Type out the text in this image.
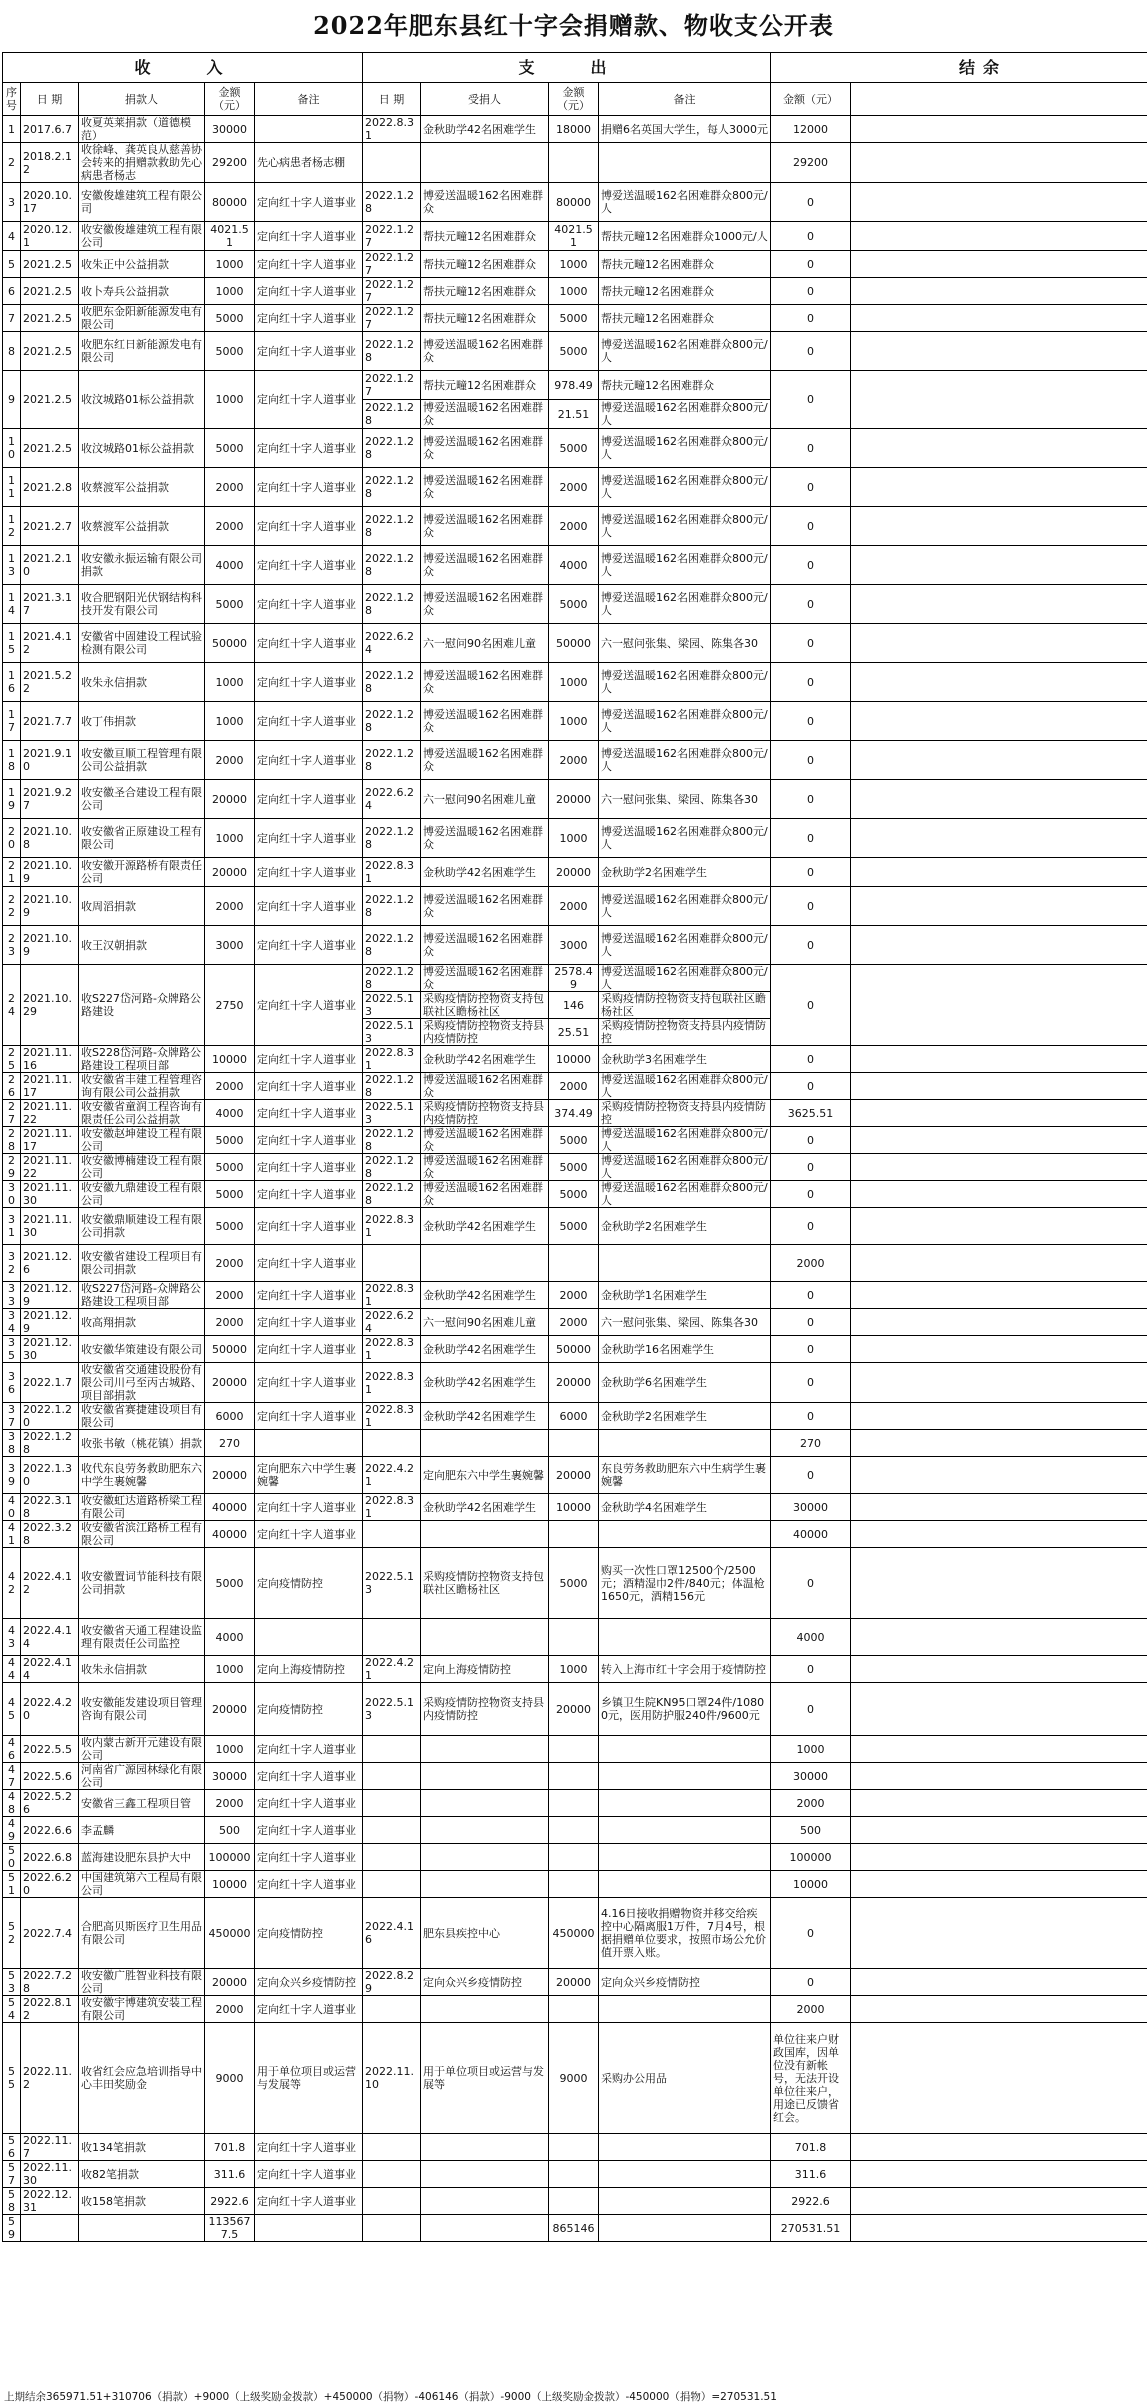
2022年肥东县红十字会捐赠款、物收支公开表
收　　入					支　　出				结余	
序号	日 期	捐款人	金额（元）	备注	日 期	受捐人	金额（元）	备注	金额（元）	
1	2017.6.7	收夏英莱捐款（道德模范）	30000		2022.8.31	金秋助学42名困难学生	18000	捐赠6名英国大学生，每人3000元	12000	
2	2018.2.12	收徐峰、龚英良从慈善协会转来的捐赠款救助先心病患者杨志	29200	先心病患者杨志棚					29200	
3	2020.10.17	安徽俊雄建筑工程有限公司	80000	定向红十字人道事业	2022.1.28	博爱送温暖162名困难群众	80000	博爱送温暖162名困难群众800元/人	0	
4	2020.12.1	收安徽俊雄建筑工程有限公司	4021.51	定向红十字人道事业	2022.1.27	帮扶元疃12名困难群众	4021.51	帮扶元疃12名困难群众1000元/人	0	
5	2021.2.5	收朱正中公益捐款	1000	定向红十字人道事业	2022.1.27	帮扶元疃12名困难群众	1000	帮扶元疃12名困难群众	0	
6	2021.2.5	收卜寿兵公益捐款	1000	定向红十字人道事业	2022.1.27	帮扶元疃12名困难群众	1000	帮扶元疃12名困难群众	0	
7	2021.2.5	收肥东金阳新能源发电有限公司	5000	定向红十字人道事业	2022.1.27	帮扶元疃12名困难群众	5000	帮扶元疃12名困难群众	0	
8	2021.2.5	收肥东红日新能源发电有限公司	5000	定向红十字人道事业	2022.1.28	博爱送温暖162名困难群众	5000	博爱送温暖162名困难群众800元/人	0	
9	2021.2.5	收汶城路01标公益捐款	1000	定向红十字人道事业	2022.1.27	帮扶元疃12名困难群众	978.49	帮扶元疃12名困难群众	0	
					2022.1.28	博爱送温暖162名困难群众	21.51	博爱送温暖162名困难群众800元/人		
10	2021.2.5	收汶城路01标公益捐款	5000	定向红十字人道事业	2022.1.28	博爱送温暖162名困难群众	5000	博爱送温暖162名困难群众800元/人	0	
11	2021.2.8	收蔡渡军公益捐款	2000	定向红十字人道事业	2022.1.28	博爱送温暖162名困难群众	2000	博爱送温暖162名困难群众800元/人	0	
12	2021.2.7	收蔡渡军公益捐款	2000	定向红十字人道事业	2022.1.28	博爱送温暖162名困难群众	2000	博爱送温暖162名困难群众800元/人	0	
13	2021.2.10	收安徽永振运输有限公司捐款	4000	定向红十字人道事业	2022.1.28	博爱送温暖162名困难群众	4000	博爱送温暖162名困难群众800元/人	0	
14	2021.3.17	收合肥钢阳光伏钢结构科技开发有限公司	5000	定向红十字人道事业	2022.1.28	博爱送温暖162名困难群众	5000	博爱送温暖162名困难群众800元/人	0	
15	2021.4.12	安徽省中固建设工程试验检测有限公司	50000	定向红十字人道事业	2022.6.24	六一慰问90名困难儿童	50000	六一慰问张集、梁园、陈集各30	0	
16	2021.5.22	收朱永信捐款	1000	定向红十字人道事业	2022.1.28	博爱送温暖162名困难群众	1000	博爱送温暖162名困难群众800元/人	0	
17	2021.7.7	收丁伟捐款	1000	定向红十字人道事业	2022.1.28	博爱送温暖162名困难群众	1000	博爱送温暖162名困难群众800元/人	0	
18	2021.9.10	收安徽亘顺工程管理有限公司公益捐款	2000	定向红十字人道事业	2022.1.28	博爱送温暖162名困难群众	2000	博爱送温暖162名困难群众800元/人	0	
19	2021.9.27	收安徽圣合建设工程有限公司	20000	定向红十字人道事业	2022.6.24	六一慰问90名困难儿童	20000	六一慰问张集、梁园、陈集各30	0	
20	2021.10.8	收安徽省正原建设工程有限公司	1000	定向红十字人道事业	2022.1.28	博爱送温暖162名困难群众	1000	博爱送温暖162名困难群众800元/人	0	
21	2021.10.9	收安徽开源路桥有限责任公司	20000	定向红十字人道事业	2022.8.31	金秋助学42名困难学生	20000	金秋助学2名困难学生	0	
22	2021.10.9	收周滔捐款	2000	定向红十字人道事业	2022.1.28	博爱送温暖162名困难群众	2000	博爱送温暖162名困难群众800元/人	0	
23	2021.10.9	收王汉朝捐款	3000	定向红十字人道事业	2022.1.28	博爱送温暖162名困难群众	3000	博爱送温暖162名困难群众800元/人	0	
24	2021.10.29	收S227岱河路-众牌路公路建设	2750	定向红十字人道事业	2022.1.28	博爱送温暖162名困难群众	2578.49	博爱送温暖162名困难群众800元/人	0	
					2022.5.13	采购疫情防控物资支持包联社区瞻杨社区	146	采购疫情防控物资支持包联社区瞻杨社区		
					2022.5.13	采购疫情防控物资支持县内疫情防控	25.51	采购疫情防控物资支持县内疫情防控		
25	2021.11.16	收S228岱河路-众牌路公路建设工程项目部	10000	定向红十字人道事业	2022.8.31	金秋助学42名困难学生	10000	金秋助学3名困难学生	0	
26	2021.11.17	收安徽省丰建工程管理咨询有限公司公益捐款	2000	定向红十字人道事业	2022.1.28	博爱送温暖162名困难群众	2000	博爱送温暖162名困难群众800元/人	0	
27	2021.11.22	收安徽省童润工程咨询有限责任公司公益捐款	4000	定向红十字人道事业	2022.5.13	采购疫情防控物资支持县内疫情防控	374.49	采购疫情防控物资支持县内疫情防控	3625.51	
28	2021.11.17	收安徽赵坤建设工程有限公司	5000	定向红十字人道事业	2022.1.28	博爱送温暖162名困难群众	5000	博爱送温暖162名困难群众800元/人	0	
29	2021.11.22	收安徽博楠建设工程有限公司	5000	定向红十字人道事业	2022.1.28	博爱送温暖162名困难群众	5000	博爱送温暖162名困难群众800元/人	0	
30	2021.11.30	收安徽九鼎建设工程有限公司	5000	定向红十字人道事业	2022.1.28	博爱送温暖162名困难群众	5000	博爱送温暖162名困难群众800元/人	0	
31	2021.11.30	收安徽鼎顺建设工程有限公司捐款	5000	定向红十字人道事业	2022.8.31	金秋助学42名困难学生	5000	金秋助学2名困难学生	0	
32	2021.12.6	收安徽省建设工程项目有限公司捐款	2000	定向红十字人道事业					2000	
33	2021.12.9	收S227岱河路-众牌路公路建设工程项目部	2000	定向红十字人道事业	2022.8.31	金秋助学42名困难学生	2000	金秋助学1名困难学生	0	
34	2021.12.9	收高翔捐款	2000	定向红十字人道事业	2022.6.24	六一慰问90名困难儿童	2000	六一慰问张集、梁园、陈集各30	0	
35	2021.12.30	收安徽华策建设有限公司	50000	定向红十字人道事业	2022.8.31	金秋助学42名困难学生	50000	金秋助学16名困难学生	0	
36	2022.1.7	收安徽省交通建设股份有限公司川弓至丙古城路、项目部捐款	20000	定向红十字人道事业	2022.8.31	金秋助学42名困难学生	20000	金秋助学6名困难学生	0	
37	2022.1.20	收安徽省赛捷建设项目有限公司	6000	定向红十字人道事业	2022.8.31	金秋助学42名困难学生	6000	金秋助学2名困难学生	0	
38	2022.1.28	收张书敏（桃花镇）捐款	270						270	
39	2022.1.30	收代东良劳务救助肥东六中学生裹婉馨	20000	定向肥东六中学生裹婉馨	2022.4.21	定向肥东六中学生裹婉馨	20000	东良劳务救助肥东六中生病学生裹婉馨	0	
40	2022.3.18	收安徽虹达道路桥梁工程有限公司	40000	定向红十字人道事业	2022.8.31	金秋助学42名困难学生	10000	金秋助学4名困难学生	30000	
41	2022.3.28	收安徽省滨江路桥工程有限公司	40000	定向红十字人道事业					40000	
42	2022.4.12	收安徽置词节能科技有限公司捐款	5000	定向疫情防控	2022.5.13	采购疫情防控物资支持包联社区瞻杨社区	5000	购买一次性口罩12500个/2500元；酒精湿巾2件/840元；体温枪1650元，酒精156元	0	
43	2022.4.14	收安徽省天通工程建设监理有限责任公司监控	4000						4000	
44	2022.4.14	收朱永信捐款	1000	定向上海疫情防控	2022.4.21	定向上海疫情防控	1000	转入上海市红十字会用于疫情防控	0	
45	2022.4.20	收安徽能发建设项目管理咨询有限公司	20000	定向疫情防控	2022.5.13	采购疫情防控物资支持县内疫情防控	20000	乡镇卫生院KN95口罩24件/10800元，医用防护服240件/9600元	0	
46	2022.5.5	收内蒙古新开元建设有限公司	1000	定向红十字人道事业					1000	
47	2022.5.6	河南省广源园林绿化有限公司	30000	定向红十字人道事业					30000	
48	2022.5.26	安徽省三鑫工程项目管	2000	定向红十字人道事业					2000	
49	2022.6.6	李孟麟	500	定向红十字人道事业					500	
50	2022.6.8	蓝海建设肥东县护大中	100000	定向红十字人道事业					100000	
51	2022.6.20	中国建筑第六工程局有限公司	10000	定向红十字人道事业					10000	
52	2022.7.4	合肥高贝斯医疗卫生用品有限公司	450000	定向疫情防控	2022.4.16	肥东县疾控中心	450000	4.16日接收捐赠物资并移交给疾控中心隔离服1万件，7月4号，根据捐赠单位要求，按照市场公允价值开票入账。	0	
53	2022.7.28	收安徽广胜智业科技有限公司	20000	定向众兴乡疫情防控	2022.8.29	定向众兴乡疫情防控	20000	定向众兴乡疫情防控	0	
54	2022.8.12	收安徽宇博建筑安装工程有限公司	2000	定向红十字人道事业					2000	
55	2022.11.2	收省红会应急培训指导中心丰田奖励金	9000	用于单位项目或运营与发展等	2022.11.10	用于单位项目或运营与发展等	9000	采购办公用品	单位往来户财政国库，因单位没有新帐号，无法开设单位往来户，用途已反馈省红会。	
56	2022.11.7	收134笔捐款	701.8	定向红十字人道事业					701.8	
57	2022.11.30	收82笔捐款	311.6	定向红十字人道事业					311.6	
58	2022.12.31	收158笔捐款	2922.6	定向红十字人道事业					2922.6	
59			1135677.5				865146		270531.51	
上期结余365971.51+310706（捐款）+9000（上级奖励金拨款）+450000（捐物）-406146（捐款）-9000（上级奖励金拨款）-450000（捐物）=270531.51
